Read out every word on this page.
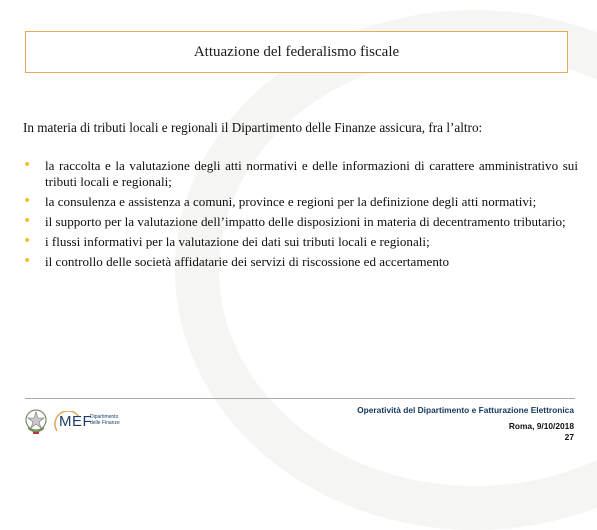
Attuazione del federalismo fiscale
In materia di tributi locali e regionali il Dipartimento delle Finanze assicura, fra l’altro:
• la raccolta e la valutazione degli atti normativi e delle informazioni di carattere amministrativo sui tributi locali e regionali;
• la consulenza e assistenza a comuni, province e regioni per la definizione degli atti normativi;
• il supporto per la valutazione dell’impatto delle disposizioni in materia di decentramento tributario;
• i flussi informativi per la valutazione dei dati sui tributi locali e regionali;
• il controllo delle società affidatarie dei servizi di riscossione ed accertamento
MEF
Dipartimento delle Finanze
Operatività del Dipartimento e Fatturazione Elettronica
Roma, 9/10/2018
27
